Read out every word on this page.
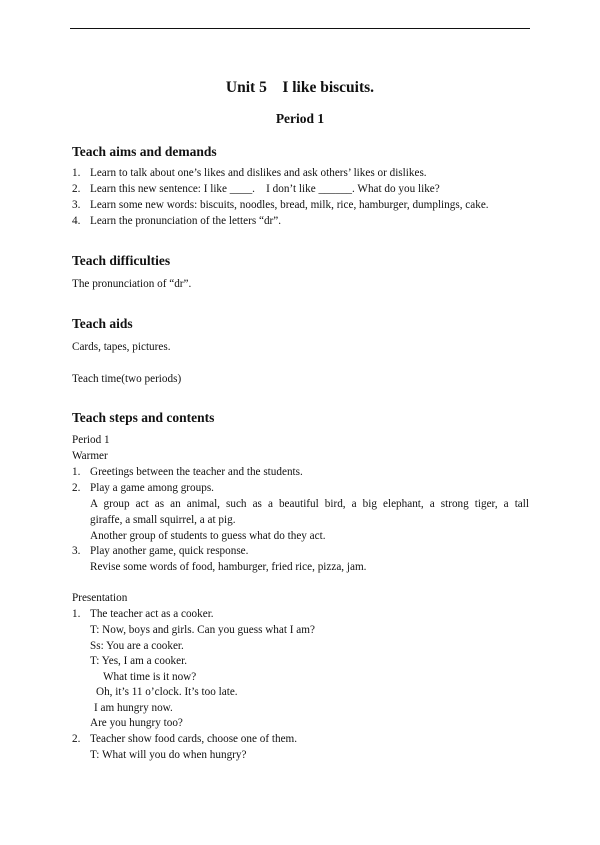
Unit 5    I like biscuits.
Period 1
Teach aims and demands
1. Learn to talk about one’s likes and dislikes and ask others’ likes or dislikes.
2. Learn this new sentence: I like ____.    I don’t like ______. What do you like?
3. Learn some new words: biscuits, noodles, bread, milk, rice, hamburger, dumplings, cake.
4. Learn the pronunciation of the letters “dr”.
Teach difficulties
The pronunciation of “dr”.
Teach aids
Cards, tapes, pictures.
Teach time(two periods)
Teach steps and contents
Period 1
Warmer
1. Greetings between the teacher and the students.
2. Play a game among groups.
A group act as an animal, such as a beautiful bird, a big elephant, a strong tiger, a tall
giraffe, a small squirrel, a at pig.
Another group of students to guess what do they act.
3. Play another game, quick response.
Revise some words of food, hamburger, fried rice, pizza, jam.
Presentation
1. The teacher act as a cooker.
T: Now, boys and girls. Can you guess what I am?
Ss: You are a cooker.
T: Yes, I am a cooker.
What time is it now?
Oh, it’s 11 o’clock. It’s too late.
I am hungry now.
Are you hungry too?
2. Teacher show food cards, choose one of them.
T: What will you do when hungry?
